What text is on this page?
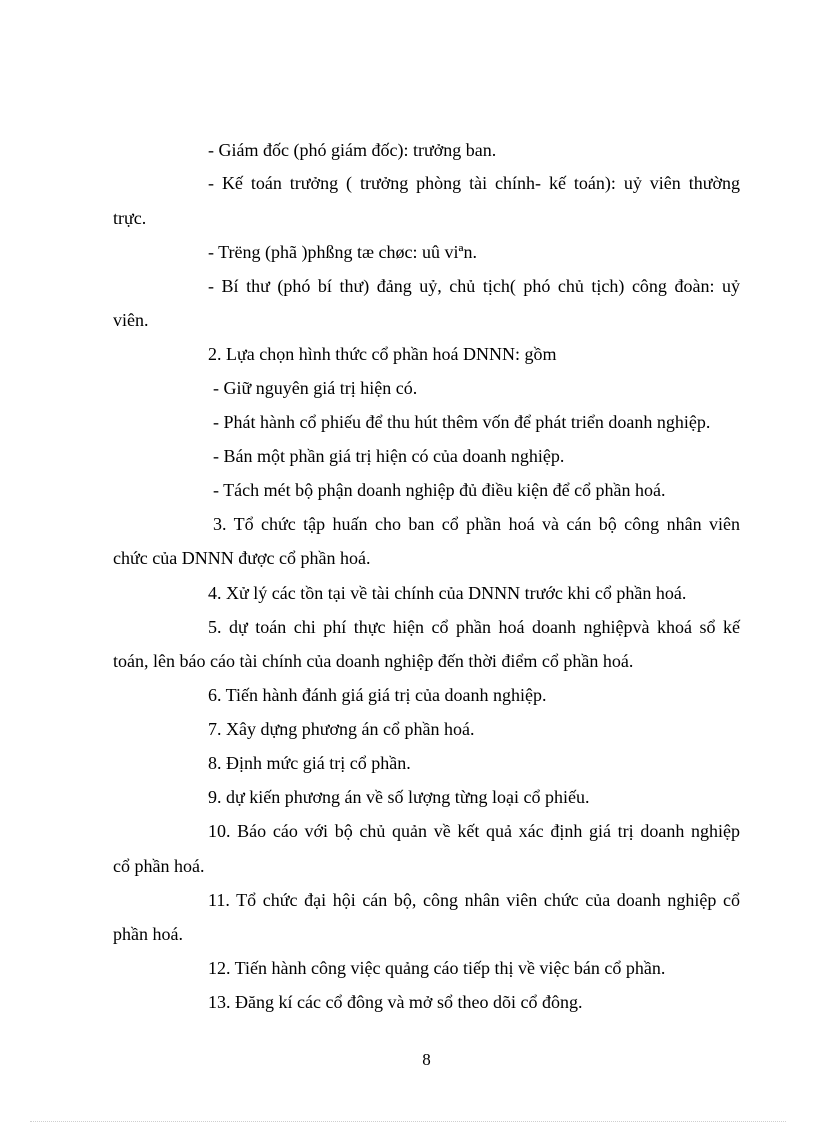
- Giám đốc (phó giám đốc): trưởng ban.

- Kế toán trưởng ( trưởng phòng tài chính- kế toán): uỷ viên thường

trực.

- Trëng (phã )phßng tæ chøc: uû viªn.

- Bí thư (phó bí thư) đảng uỷ, chủ tịch( phó chủ tịch) công đoàn: uỷ

viên.

2. Lựa chọn hình thức cổ phần hoá DNNN: gồm

- Giữ nguyên giá trị hiện có.

- Phát hành cổ phiếu để thu hút thêm vốn để phát triển doanh nghiệp.

- Bán một phần giá trị hiện có của doanh nghiệp.

- Tách mét bộ phận doanh nghiệp đủ điều kiện để cổ phần hoá.

3. Tổ chức tập huấn cho ban cổ phần hoá và cán bộ công nhân viên

chức của DNNN được cổ phần hoá.

4. Xử lý các tồn tại về tài chính của DNNN trước khi cổ phần hoá.

5. dự toán chi phí thực hiện cổ phần hoá doanh nghiệpvà khoá sổ kế

toán, lên báo cáo tài chính của doanh nghiệp đến thời điểm cổ phần hoá.

6. Tiến hành đánh giá giá trị của doanh nghiệp.

7. Xây dựng phương án cổ phần hoá.

8. Định mức giá trị cổ phần.

9. dự kiến phương án về số lượng từng loại cổ phiếu.

10. Báo cáo với bộ chủ quản về kết quả xác định giá trị doanh nghiệp

cổ phần hoá.

11. Tổ chức đại hội cán bộ, công nhân viên chức của doanh nghiệp cổ

phần hoá.

12. Tiến hành công việc quảng cáo tiếp thị về việc bán cổ phần.

13. Đăng kí các cổ đông và mở sổ theo dõi cổ đông.

8
